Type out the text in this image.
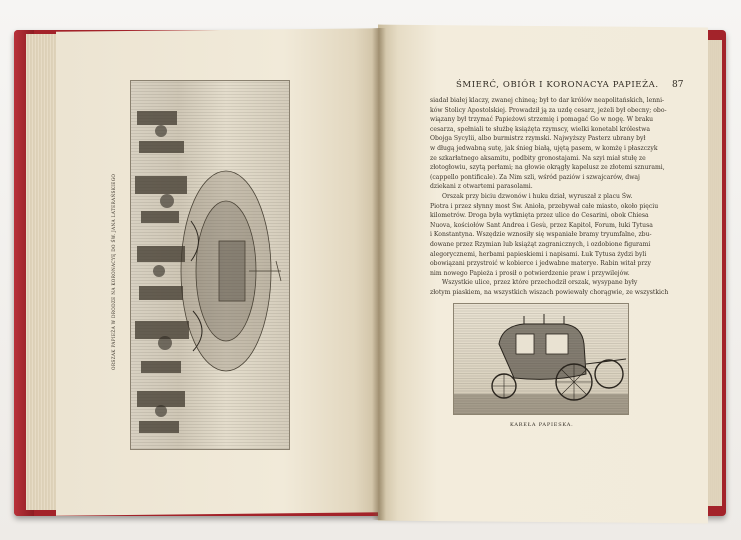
ORSZAK PAPIEŻA W DRODZE NA KORONACYĘ DO ŚW. JANA LATERAŃSKIEGO
ŚMIERĆ, OBIÓR I KORONACYA PAPIEŻA. 87

siadał białej klaczy, zwanej chineą; był to dar królów neapolitańskich, lenni-
ków Stolicy Apostolskiej. Prowadził ją za uzdę cesarz, jeżeli był obecny; obo-
wiązany był trzymać Papieżowi strzemię i pomagać Go w nogę. W braku
cesarza, spełniali te służbę książęta rzymscy, wielki konetabl królestwa
Obojga Sycylii, albo burmistrz rzymski. Najwyższy Pasterz ubrany był
w długą jedwabną sutę, jak śnieg białą, ujętą pasem, w komżę i płaszczyk
ze szkarłatnego aksamitu, podbity gronostajami. Na szyi miał stułę ze
złotogłowiu, szytą perłami; na głowie okrągły kapelusz ze złotemi sznurami,
(cappello pontificale). Za Nim szli, wśród paziów i szwajcarów, dwaj
dziekani z otwartemi parasolami.

Orszak przy biciu dzwonów i huku dział, wyruszał z placu Św.
Piotra i przez słynny most Św. Anioła, przebywał całe miasto, około pięciu
kilometrów. Droga była wytknięta przez ulice do Cesarini, obok Chiesa
Nuova, kościołów Sant Andrea i Gesù, przez Kapitol, Forum, łuki Tytusa
i Konstantyna. Wszędzie wznosiły się wspaniałe bramy tryumfalne, zbu-
dowane przez Rzymian lub książąt zagranicznych, i ozdobione figurami
alegorycznemi, herbami papieskiemi i napisami. Łuk Tytusa żydzi byli
obowiązani przystroić w kobierce i jedwabne materye. Rabin witał przy
nim nowego Papieża i prosił o potwierdzenie praw i przywilejów.

Wszystkie ulice, przez które przechodził orszak, wysypane były
złotym piaskiem, na wszystkich wiszach powiewały chorągwie, ze wszystkich

KAREŁA PAPIESKA.
